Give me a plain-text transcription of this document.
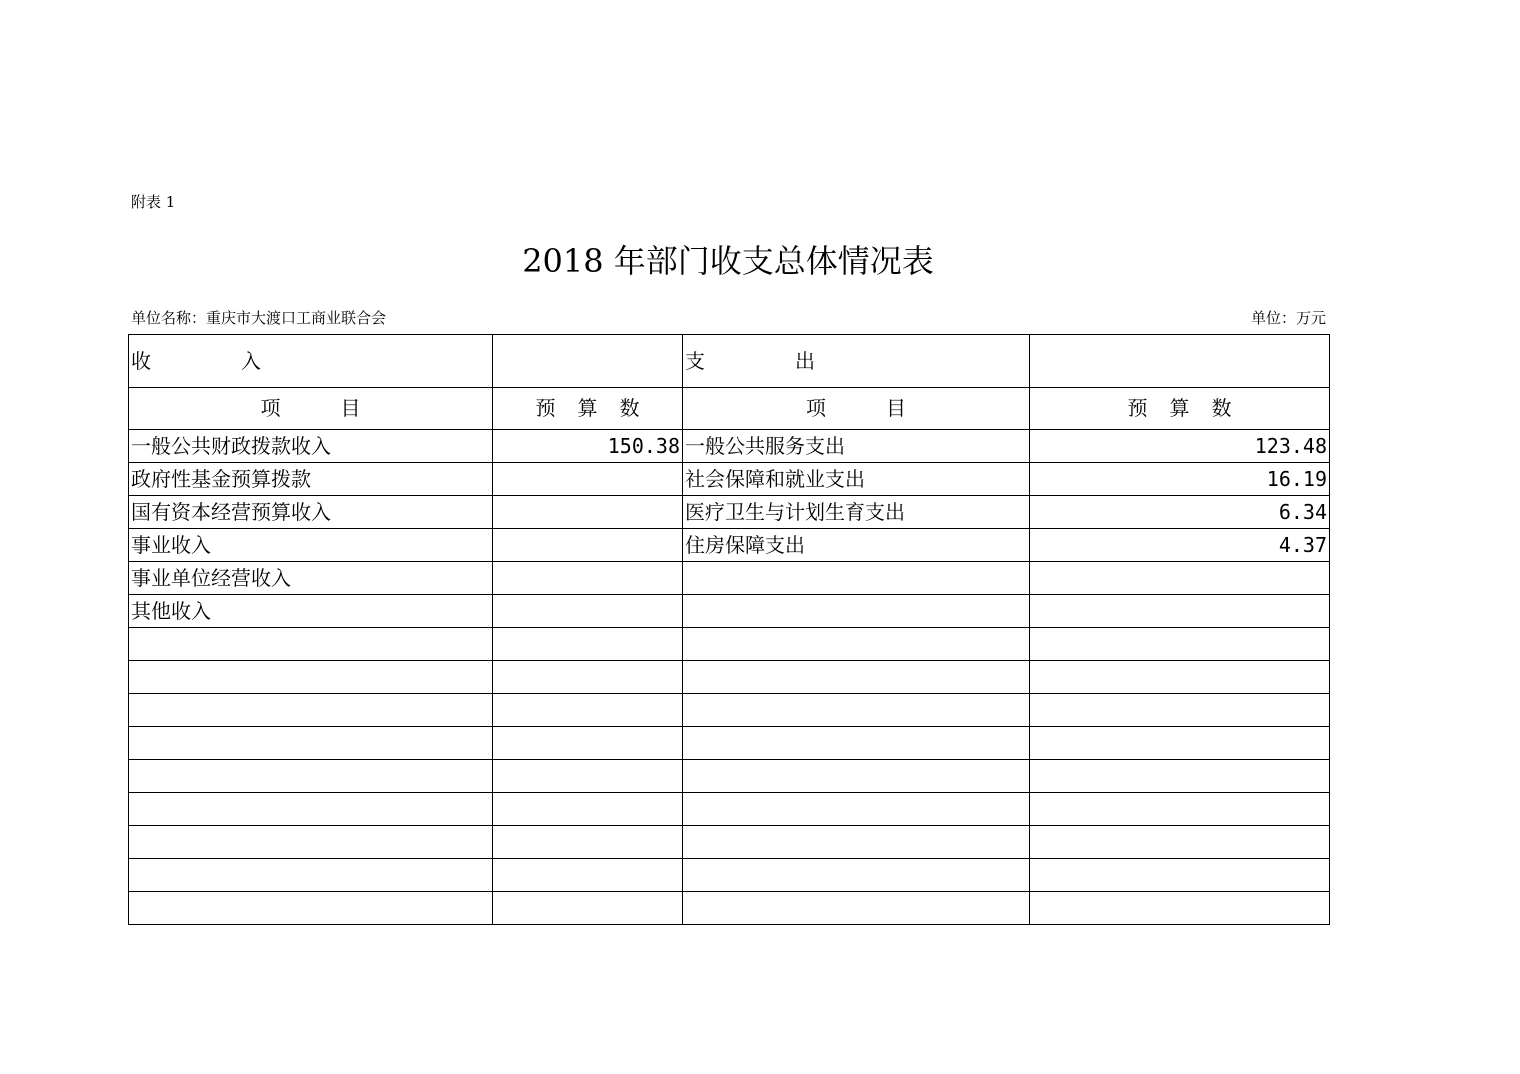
附表 1
2018 年部门收支总体情况表
单位名称：重庆市大渡口工商业联合会	单位：万元
收 入		支 出	
项 目	预 算 数	项 目	预 算 数
一般公共财政拨款收入	150.38	一般公共服务支出	123.48
政府性基金预算拨款		社会保障和就业支出	16.19
国有资本经营预算收入		医疗卫生与计划生育支出	6.34
事业收入		住房保障支出	4.37
事业单位经营收入			
其他收入			
